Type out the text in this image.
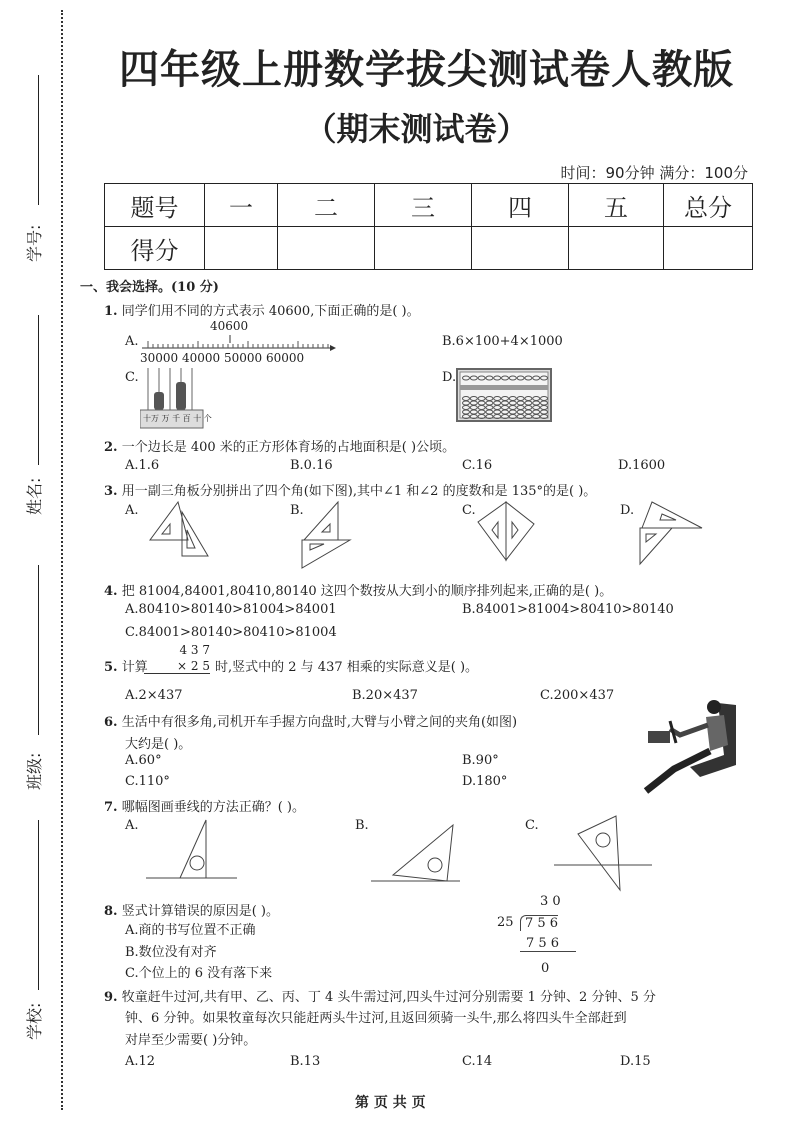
学号:
姓名:
班级:
学校:
四年级上册数学拔尖测试卷人教版
（期末测试卷）
时间：90分钟 满分：100分
题号	一	二	三	四	五	总分
得分						
一、我会选择。(10 分)
1. 同学们用不同的方式表示 40600,下面正确的是( )。
A.
40600
30000 40000 50000 60000
B.6×100+4×1000
C.
十万 万 千 百 十 个
D.
2. 一个边长是 400 米的正方形体育场的占地面积是( )公顷。
A.1.6	B.0.16	C.16	D.1600
3. 用一副三角板分别拼出了四个角(如下图),其中∠1 和∠2 的度数和是 135°的是( )。
A.	B.	C.	D.
4. 把 81004,84001,80410,80140 这四个数按从大到小的顺序排列起来,正确的是( )。
A.80410>80140>81004>84001	B.84001>81004>80410>80140
C.84001>80140>80410>81004
5. 计算
4 3 7
× 2 5 时,竖式中的 2 与 437 相乘的实际意义是( )。
A.2×437	B.20×437	C.200×437
6. 生活中有很多角,司机开车手握方向盘时,大臂与小臂之间的夹角(如图)
大约是( )。
A.60°	B.90°
C.110°	D.180°
7. 哪幅图画垂线的方法正确？( )。
A.	B.	C.
8. 竖式计算错误的原因是( )。
A.商的书写位置不正确
B.数位没有对齐
C.个位上的 6 没有落下来
3 0
25 7 5 6
7 5 6
0
9. 牧童赶牛过河,共有甲、乙、丙、丁 4 头牛需过河,四头牛过河分别需要 1 分钟、2 分钟、5 分
钟、6 分钟。如果牧童每次只能赶两头牛过河,且返回须骑一头牛,那么将四头牛全部赶到
对岸至少需要( )分钟。
A.12	B.13	C.14	D.15
第 页 共 页
